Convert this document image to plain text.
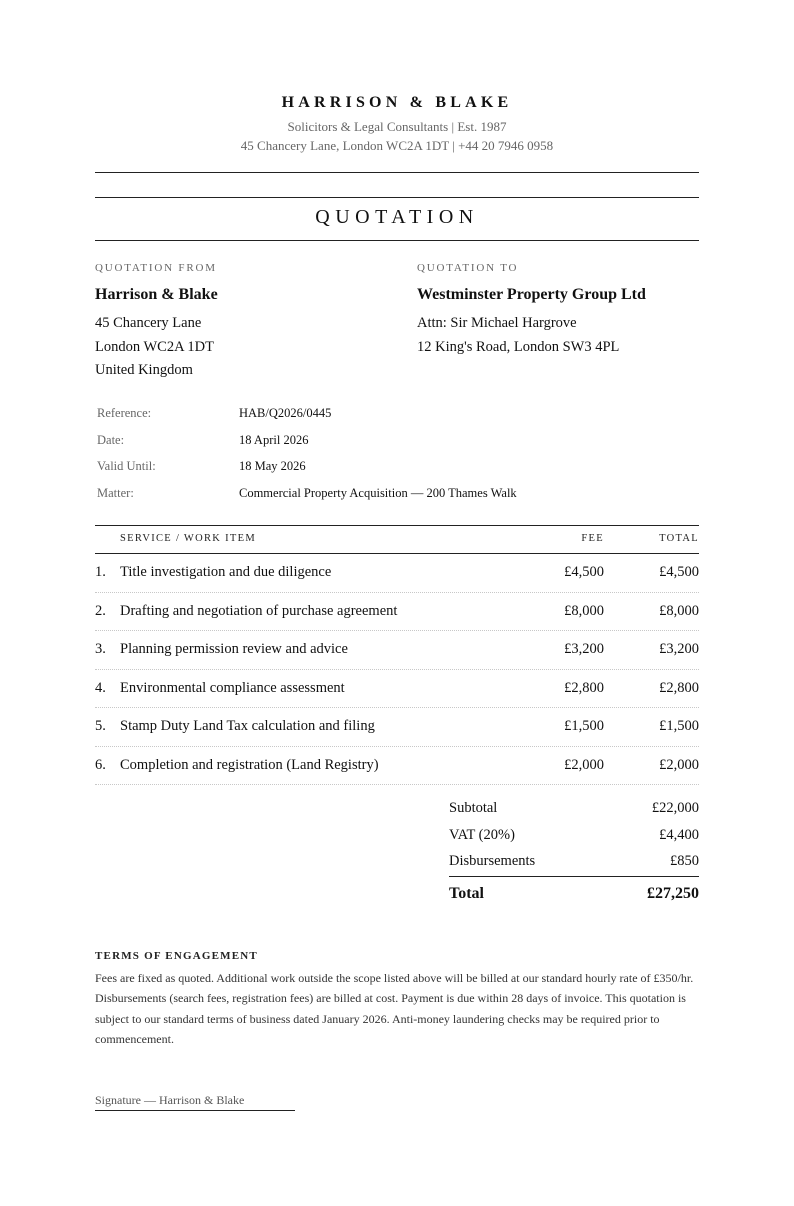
HARRISON & BLAKE
Solicitors & Legal Consultants | Est. 1987
45 Chancery Lane, London WC2A 1DT | +44 20 7946 0958
QUOTATION
QUOTATION FROM
Harrison & Blake
45 Chancery Lane
London WC2A 1DT
United Kingdom
QUOTATION TO
Westminster Property Group Ltd
Attn: Sir Michael Hargrove
12 King's Road, London SW3 4PL
Reference:	HAB/Q2026/0445
Date:	18 April 2026
Valid Until:	18 May 2026
Matter:	Commercial Property Acquisition — 200 Thames Walk
SERVICE / WORK ITEM	FEE	TOTAL
1. Title investigation and due diligence	£4,500	£4,500
2. Drafting and negotiation of purchase agreement	£8,000	£8,000
3. Planning permission review and advice	£3,200	£3,200
4. Environmental compliance assessment	£2,800	£2,800
5. Stamp Duty Land Tax calculation and filing	£1,500	£1,500
6. Completion and registration (Land Registry)	£2,000	£2,000
Subtotal	£22,000
VAT (20%)	£4,400
Disbursements	£850
Total	£27,250
TERMS OF ENGAGEMENT
Fees are fixed as quoted. Additional work outside the scope listed above will be billed at our standard hourly rate of £350/hr. Disbursements (search fees, registration fees) are billed at cost. Payment is due within 28 days of invoice. This quotation is subject to our standard terms of business dated January 2026. Anti-money laundering checks may be required prior to commencement.
Signature — Harrison & Blake
